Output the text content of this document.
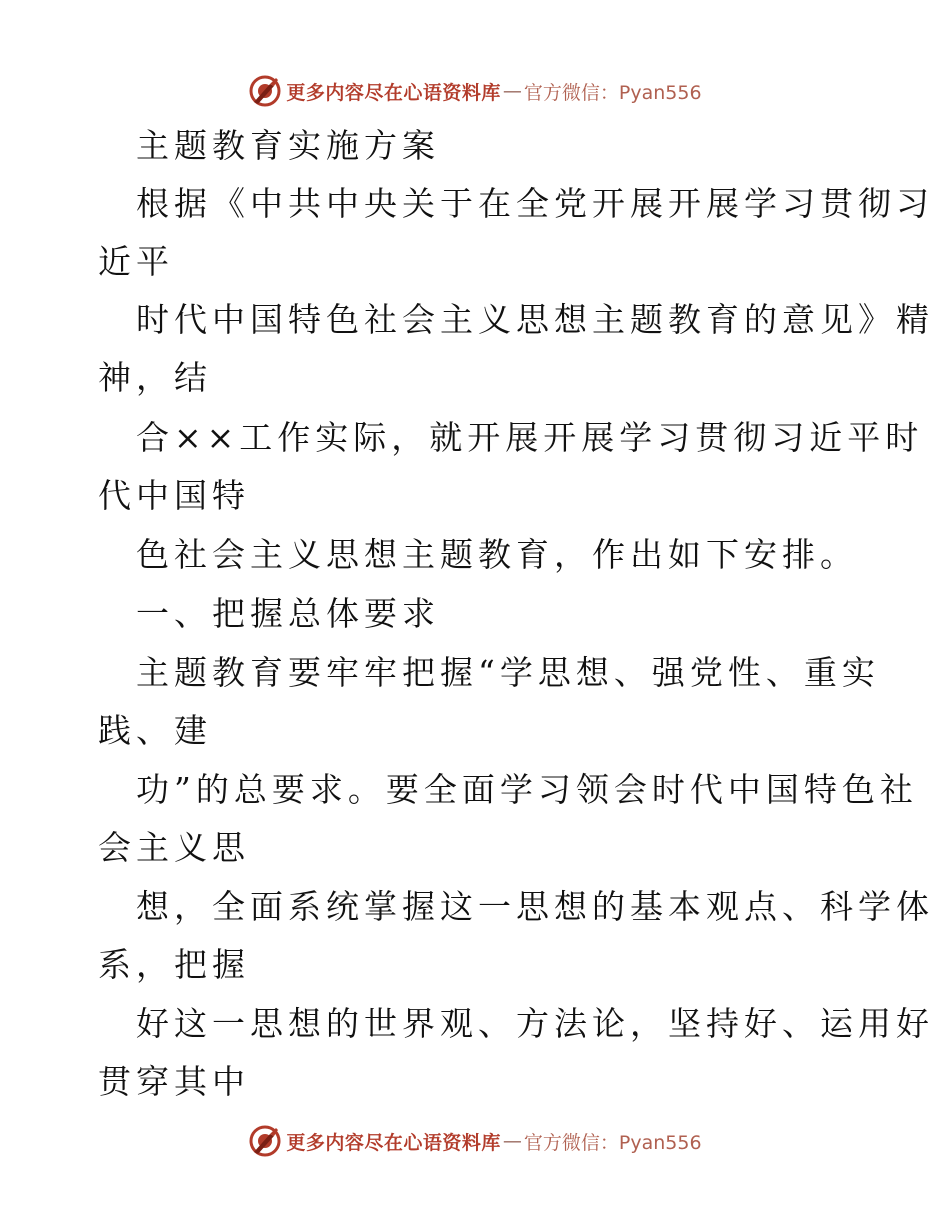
更多内容尽在心语资料库 — 官方微信：Pyan556
主题教育实施方案
根据《中共中央关于在全党开展开展学习贯彻习
近平
时代中国特色社会主义思想主题教育的意见》精
神，结
合××工作实际，就开展开展学习贯彻习近平时
代中国特
色社会主义思想主题教育，作出如下安排。
一、把握总体要求
主题教育要牢牢把握“学思想、强党性、重实
践、建
功”的总要求。要全面学习领会时代中国特色社
会主义思
想，全面系统掌握这一思想的基本观点、科学体
系，把握
好这一思想的世界观、方法论，坚持好、运用好
贯穿其中
更多内容尽在心语资料库 — 官方微信：Pyan556
